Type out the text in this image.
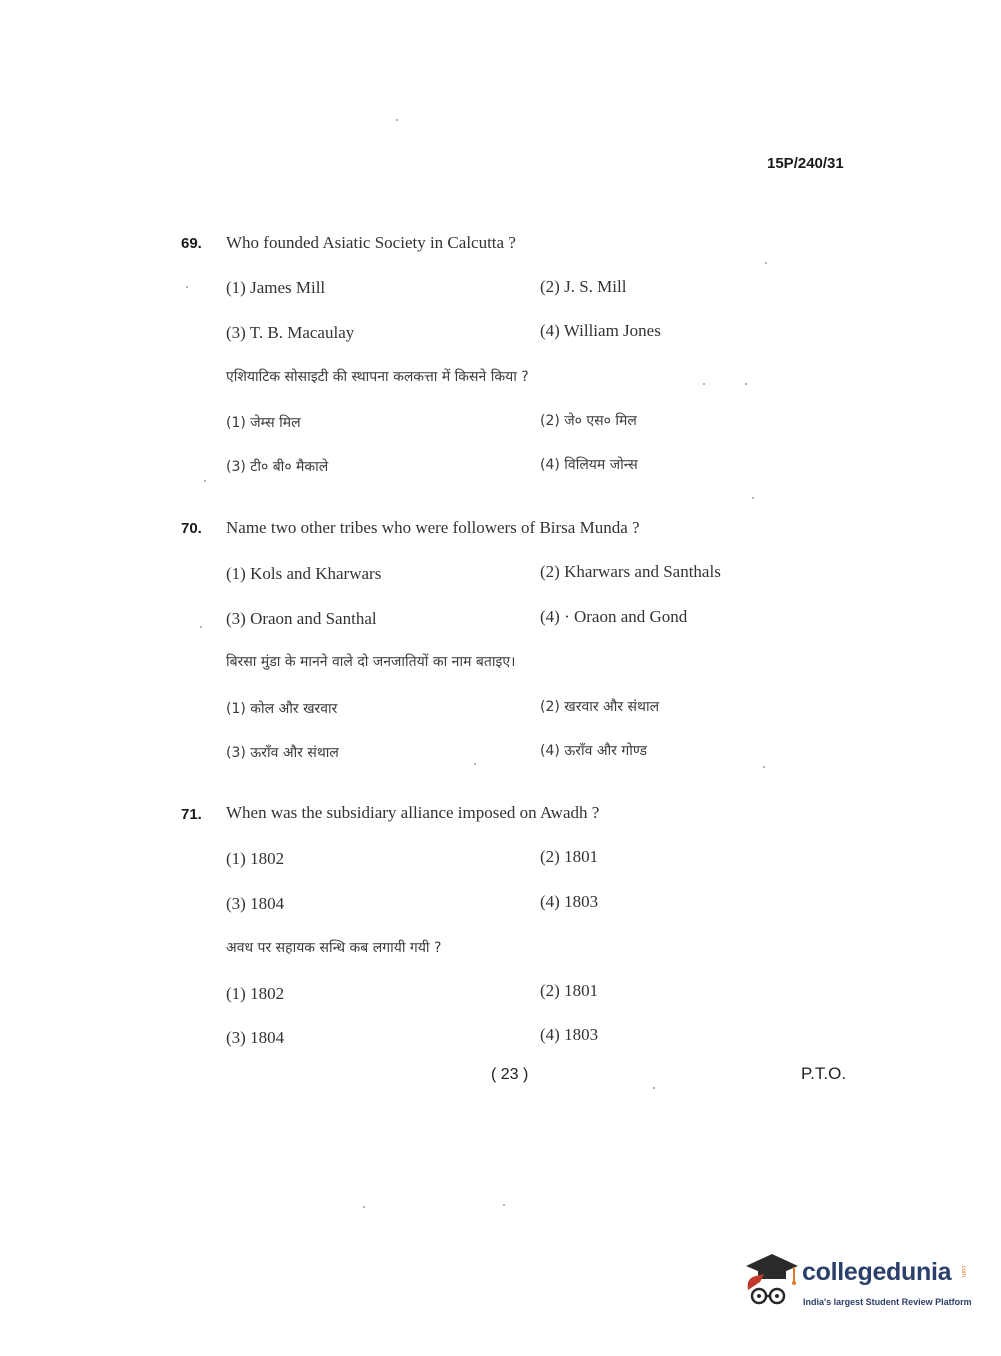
15P/240/31
69. Who founded Asiatic Society in Calcutta ?
(1) James Mill	(2) J. S. Mill
(3) T. B. Macaulay	(4) William Jones
एशियाटिक सोसाइटी की स्थापना कलकत्ता में किसने किया ?
(1) जेम्स मिल	(2) जे० एस० मिल
(3) टी० बी० मैकाले	(4) विलियम जोन्स
70. Name two other tribes who were followers of Birsa Munda ?
(1) Kols and Kharwars	(2) Kharwars and Santhals
(3) Oraon and Santhal	(4) · Oraon and Gond
बिरसा मुंडा के मानने वाले दो जनजातियों का नाम बताइए।
(1) कोल और खरवार	(2) खरवार और संथाल
(3) ऊराँव और संथाल	(4) ऊराँव और गोण्ड
71. When was the subsidiary alliance imposed on Awadh ?
(1) 1802	(2) 1801
(3) 1804	(4) 1803
अवध पर सहायक सन्धि कब लगायी गयी ?
(1) 1802	(2) 1801
(3) 1804	(4) 1803
( 23 )	P.T.O.
collegedunia .com
India's largest Student Review Platform
